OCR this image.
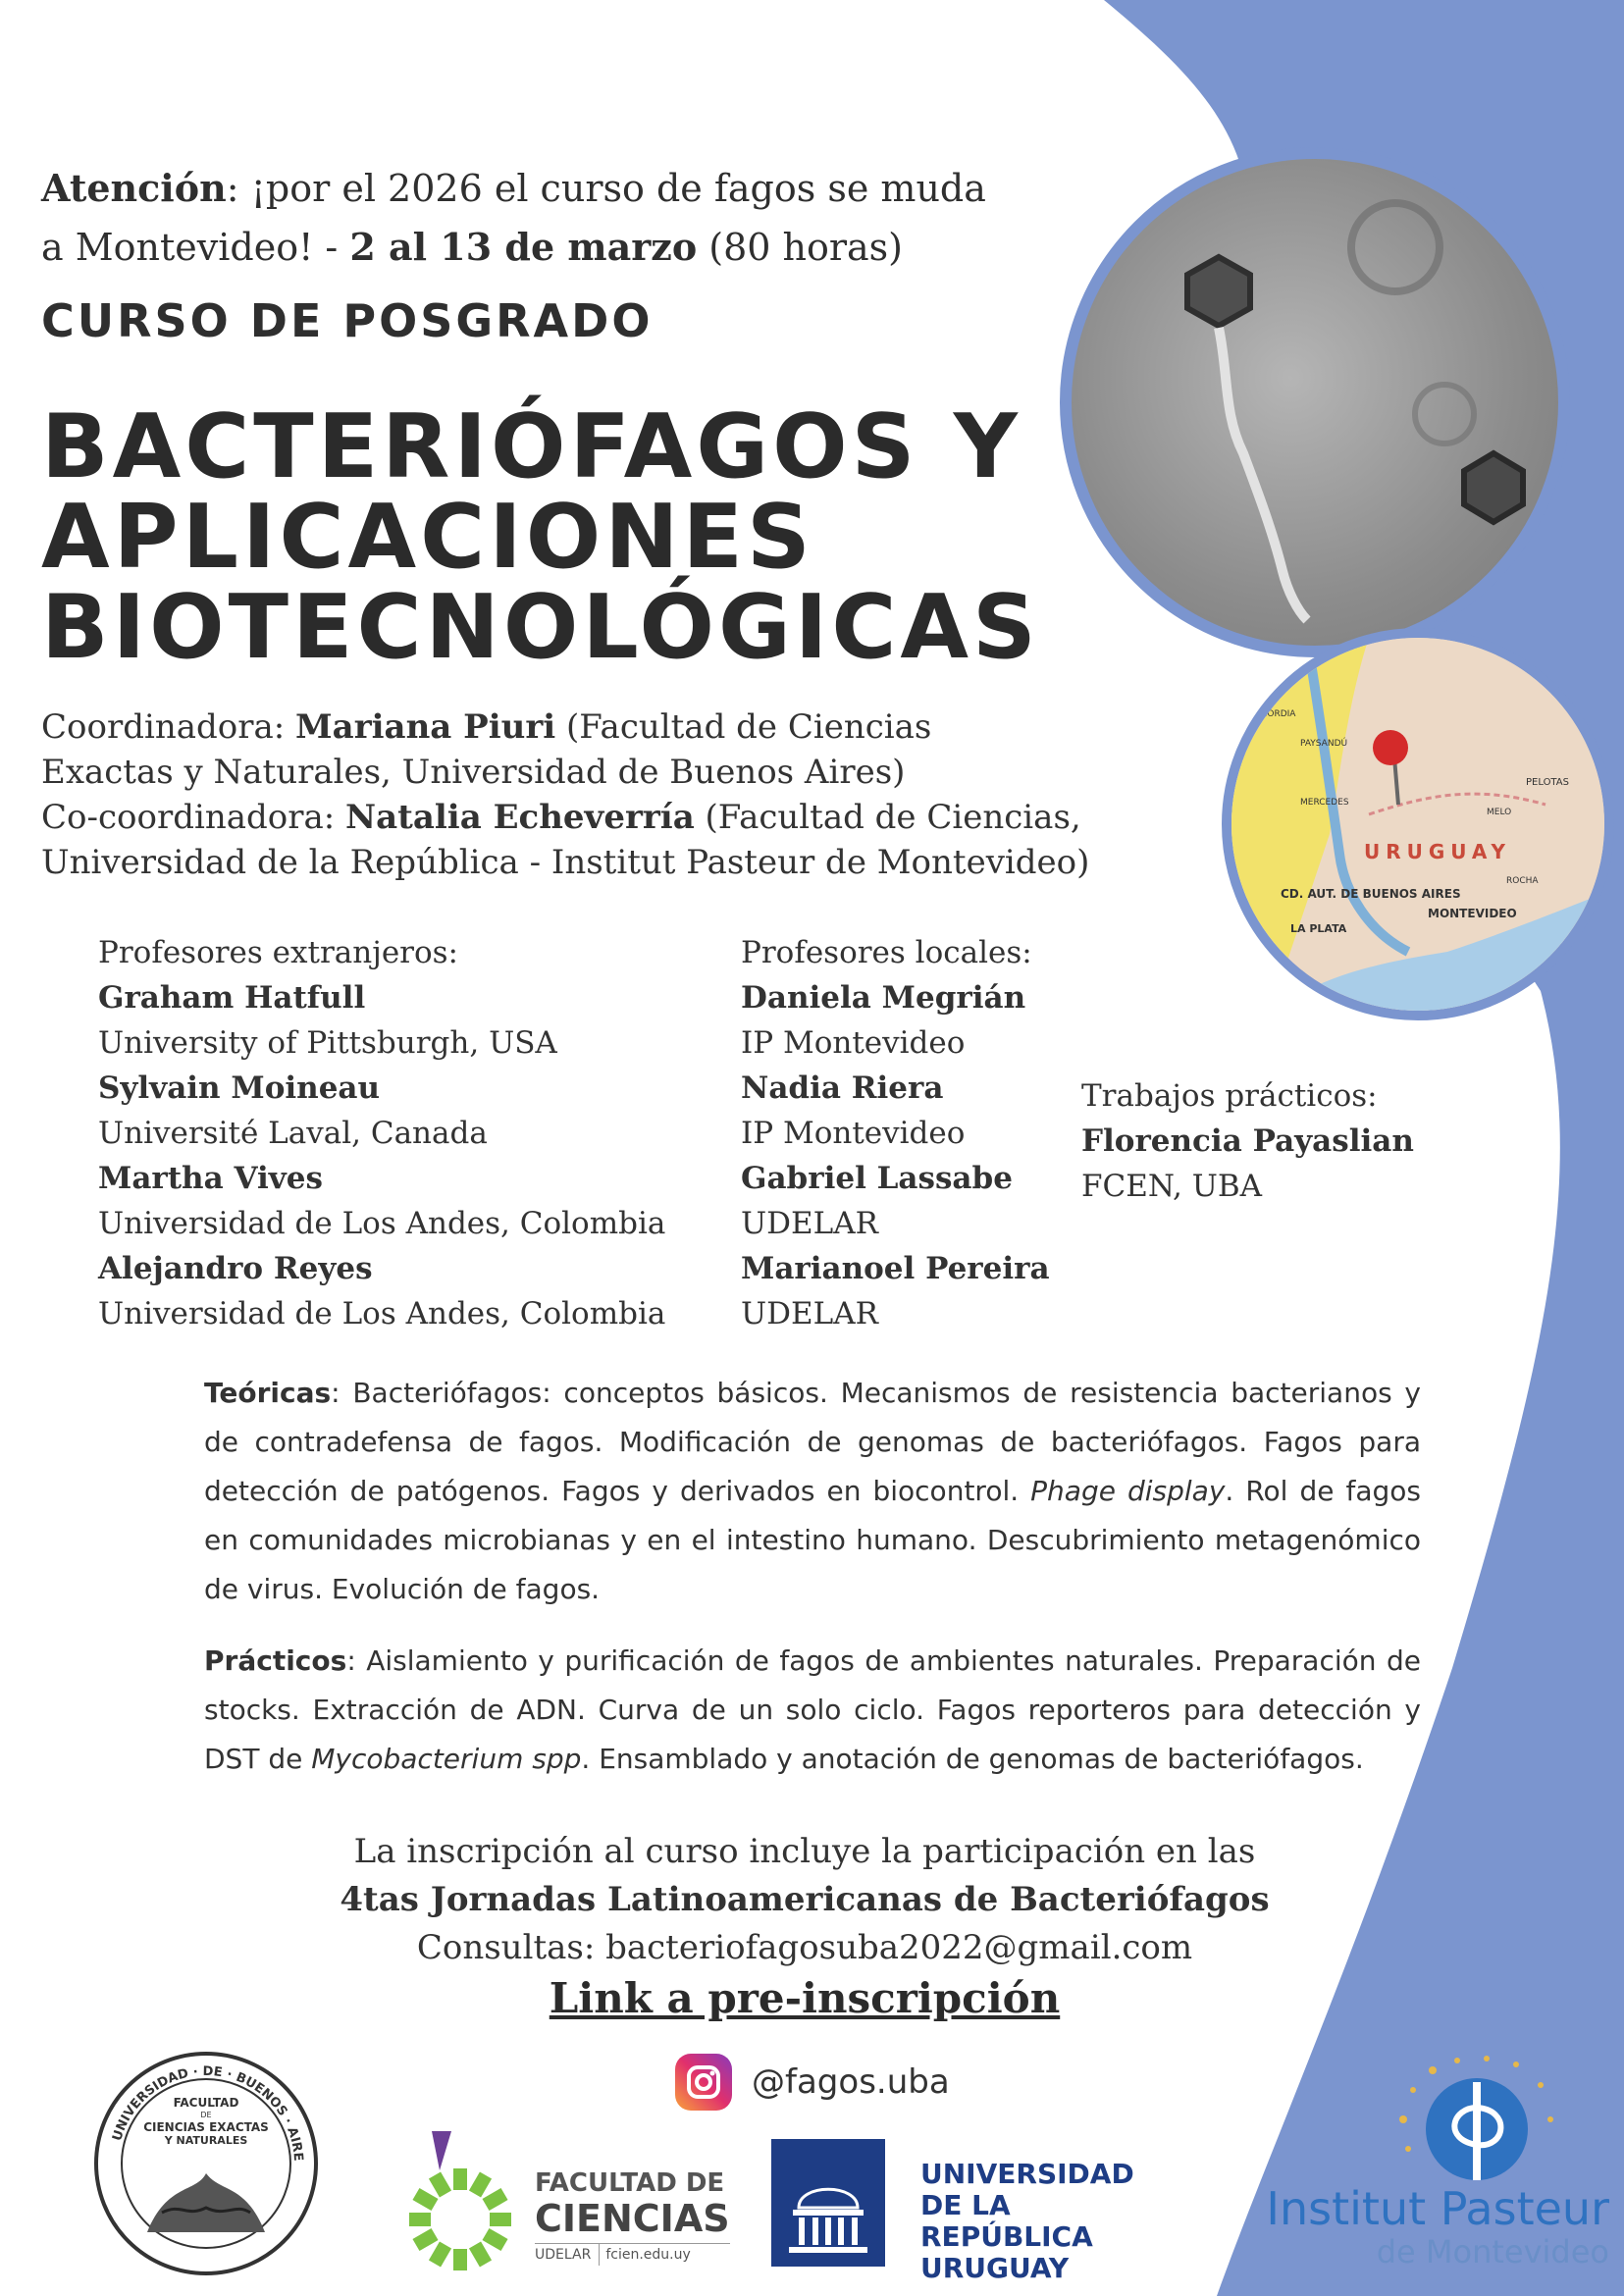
URUGUAY
MONTEVIDEO
CD. AUT. DE BUENOS AIRES
LA PLATA
PAYSANDÚ
MERCEDES
PELOTAS
MELO
ROCHA
CONCORDIA
Atención: ¡por el 2026 el curso de fagos se muda
a Montevideo! - 2 al 13 de marzo (80 horas)
CURSO DE POSGRADO
BACTERIÓFAGOS Y
APLICACIONES
BIOTECNOLÓGICAS
Coordinadora: Mariana Piuri (Facultad de Ciencias
Exactas y Naturales, Universidad de Buenos Aires)
Co-coordinadora: Natalia Echeverría (Facultad de Ciencias,
Universidad de la República - Institut Pasteur de Montevideo)
Profesores extranjeros:
Graham Hatfull
University of Pittsburgh, USA
Sylvain Moineau
Université Laval, Canada
Martha Vives
Universidad de Los Andes, Colombia
Alejandro Reyes
Universidad de Los Andes, Colombia
Profesores locales:
Daniela Megrián
IP Montevideo
Nadia Riera
IP Montevideo
Gabriel Lassabe
UDELAR
Marianoel Pereira
UDELAR
Trabajos prácticos:
Florencia Payaslian
FCEN, UBA
Teóricas: Bacteriófagos: conceptos básicos. Mecanismos de resistencia bacterianos y de contradefensa de fagos. Modificación de genomas de bacteriófagos. Fagos para detección de patógenos. Fagos y derivados en biocontrol. Phage display. Rol de fagos en comunidades microbianas y en el intestino humano. Descubrimiento metagenómico de virus. Evolución de fagos.
Prácticos: Aislamiento y purificación de fagos de ambientes naturales. Preparación de stocks. Extracción de ADN. Curva de un solo ciclo. Fagos reporteros para detección y DST de Mycobacterium spp. Ensamblado y anotación de genomas de bacteriófagos.
La inscripción al curso incluye la participación en las
4tas Jornadas Latinoamericanas de Bacteriófagos
Consultas: bacteriofagosuba2022@gmail.com
Link a pre-inscripción
@fagos.uba
UNIVERSIDAD · DE · BUENOS · AIRE
FACULTAD
DE
CIENCIAS EXACTAS
Y NATURALES
FACULTAD DE
CIENCIAS
UDELAR	fcien.edu.uy
UNIVERSIDAD
DE LA REPÚBLICA
URUGUAY
Institut Pasteur
de Montevideo
